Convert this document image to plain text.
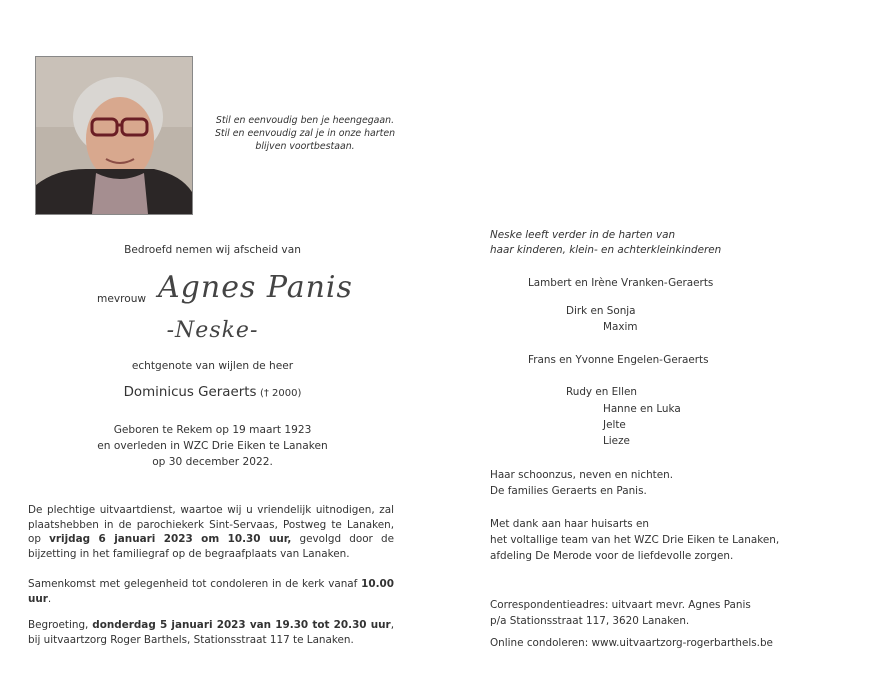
Stil en eenvoudig ben je heengegaan.
Stil en eenvoudig zal je in onze harten
blijven voortbestaan.
Bedroefd nemen wij afscheid van
mevrouw Agnes Panis
-Neske-
echtgenote van wijlen de heer
Dominicus Geraerts († 2000)
Geboren te Rekem op 19 maart 1923
en overleden in WZC Drie Eiken te Lanaken
op 30 december 2022.

De plechtige uitvaartdienst, waartoe wij u vriendelijk uitnodigen, zal plaatshebben in de parochiekerk Sint-Servaas, Postweg te Lanaken, op vrijdag 6 januari 2023 om 10.30 uur, gevolgd door de bijzetting in het familiegraf op de begraafplaats van Lanaken.

Samenkomst met gelegenheid tot condoleren in de kerk vanaf 10.00 uur.

Begroeting, donderdag 5 januari 2023 van 19.30 tot 20.30 uur, bij uitvaartzorg Roger Barthels, Stationsstraat 117 te Lanaken.

Neske leeft verder in de harten van
haar kinderen, klein- en achterkleinkinderen
Lambert en Irène Vranken-Geraerts
Dirk en Sonja
Maxim
Frans en Yvonne Engelen-Geraerts
Rudy en Ellen
Hanne en Luka
Jelte
Lieze
Haar schoonzus, neven en nichten.
De families Geraerts en Panis.
Met dank aan haar huisarts en
het voltallige team van het WZC Drie Eiken te Lanaken,
afdeling De Merode voor de liefdevolle zorgen.
Correspondentieadres: uitvaart mevr. Agnes Panis
p/a Stationsstraat 117, 3620 Lanaken.
Online condoleren: www.uitvaartzorg-rogerbarthels.be
